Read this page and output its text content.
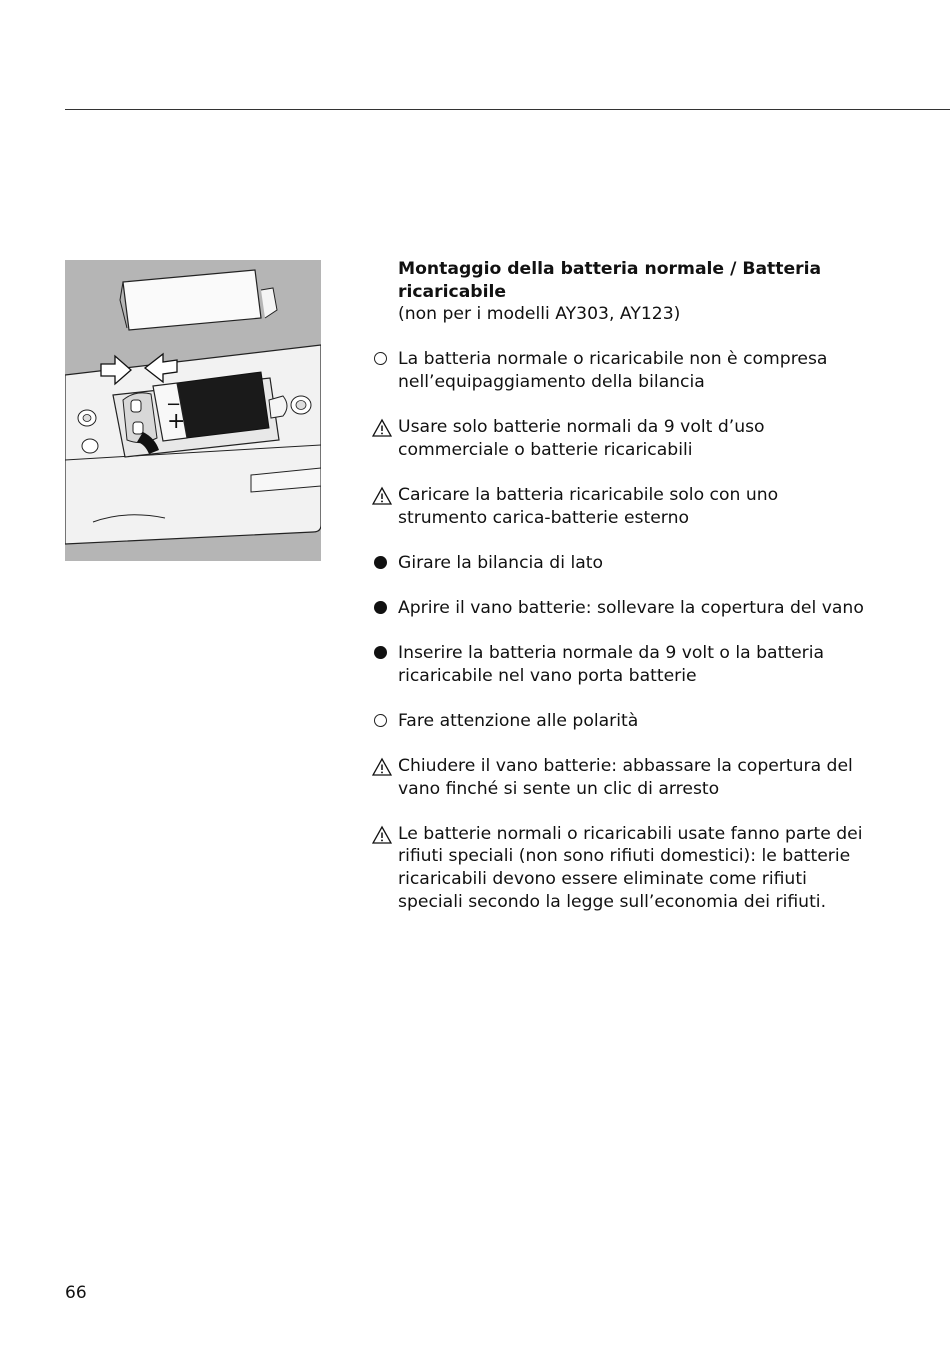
−
+
Montaggio della batteria normale / Batteria ricaricabile
(non per i modelli AY303, AY123)
La batteria normale o ricaricabile non è compresa nell’equipaggiamento della bilancia
Usare solo batterie normali da 9 volt d’uso commerciale o batterie ricaricabili
Caricare la batteria ricaricabile solo con uno strumento carica-batterie esterno
Girare la bilancia di lato
Aprire il vano batterie: sollevare la copertura del vano
Inserire la batteria normale da 9 volt o la batteria ricaricabile nel vano porta batterie
Fare attenzione alle polarità
Chiudere il vano batterie: abbassare la copertura del vano finché si sente un clic di arresto
Le batterie normali o ricaricabili usate fanno parte dei rifiuti speciali (non sono rifiuti domestici): le batterie ricaricabili devono essere eliminate come rifiuti speciali secondo la legge sull’economia dei rifiuti.
66
